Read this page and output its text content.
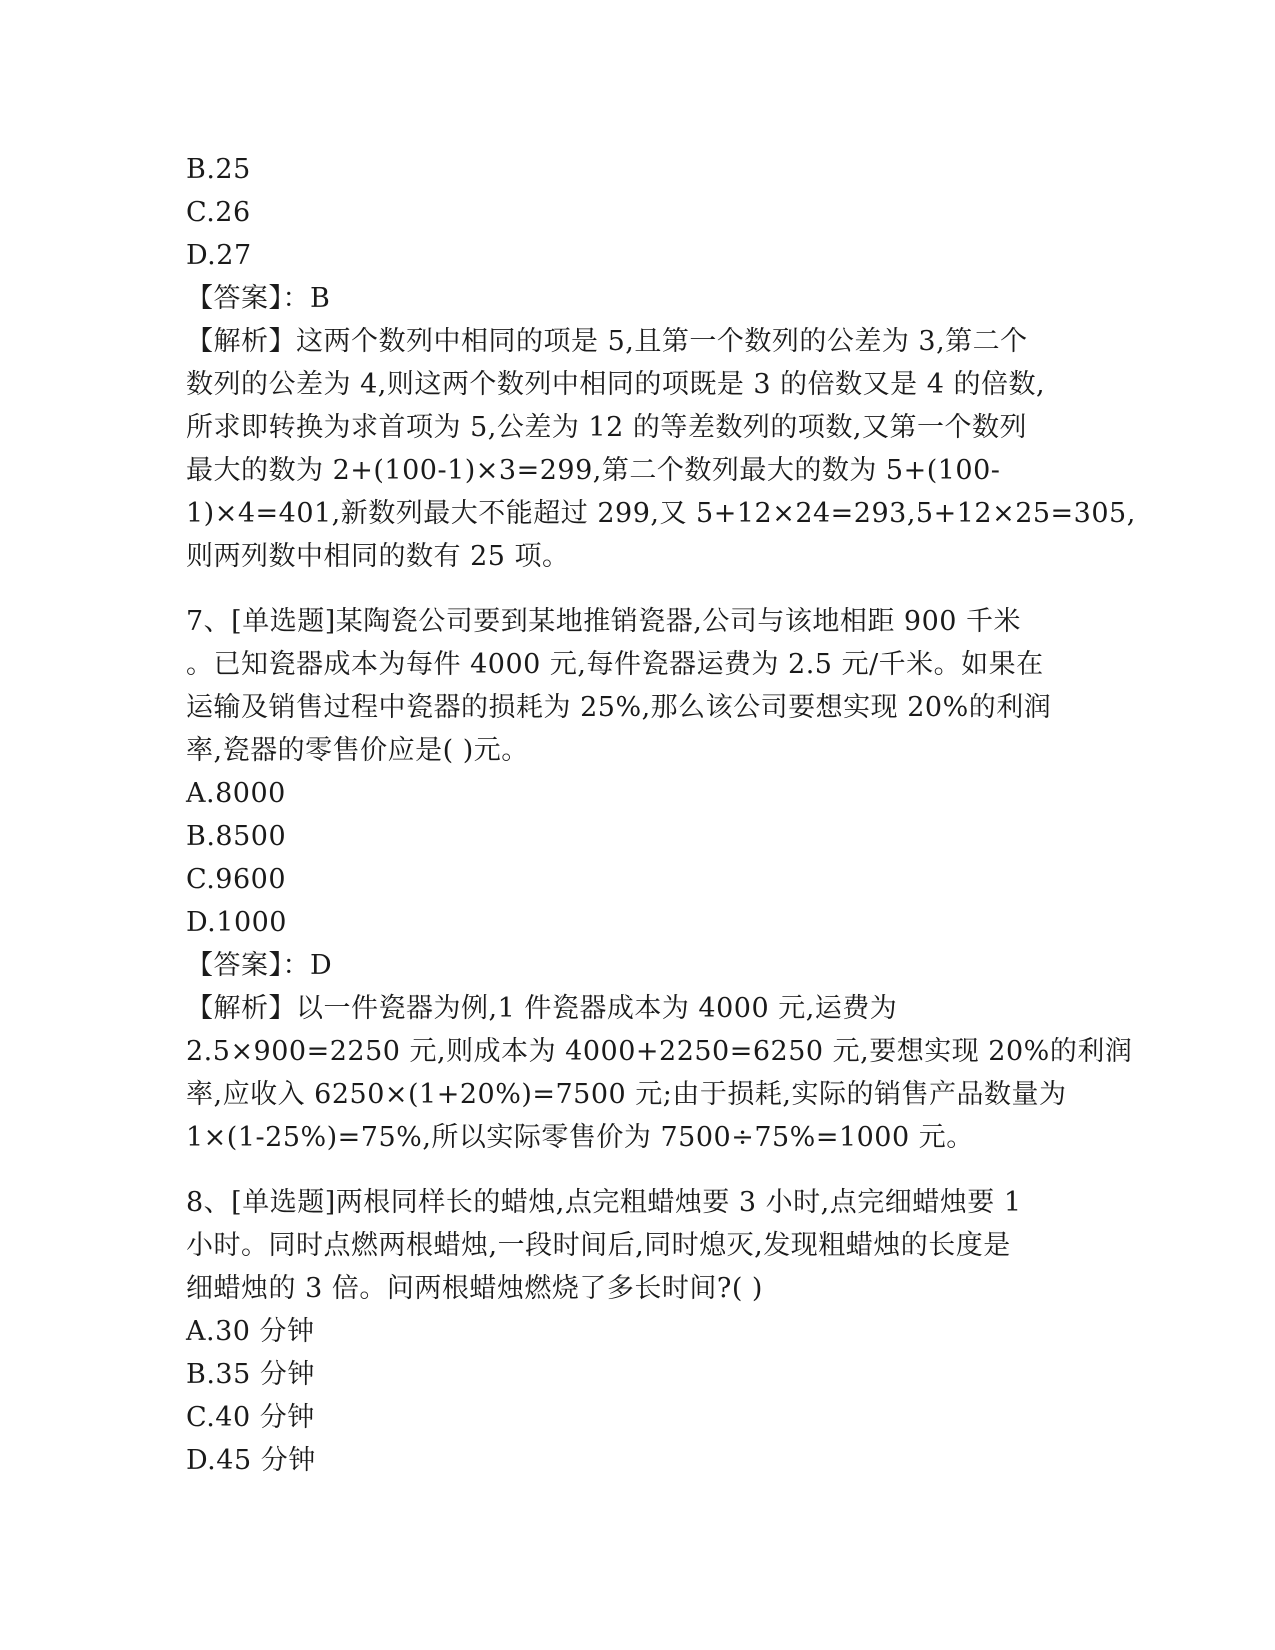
B.25
C.26
D.27
【答案】：B
【解析】这两个数列中相同的项是 5,且第一个数列的公差为 3,第二个
数列的公差为 4,则这两个数列中相同的项既是 3 的倍数又是 4 的倍数,
所求即转换为求首项为 5,公差为 12 的等差数列的项数,又第一个数列
最大的数为 2+(100-1)×3=299,第二个数列最大的数为 5+(100-
1)×4=401,新数列最大不能超过 299,又 5+12×24=293,5+12×25=305,
则两列数中相同的数有 25 项。
7、[单选题]某陶瓷公司要到某地推销瓷器,公司与该地相距 900 千米
。已知瓷器成本为每件 4000 元,每件瓷器运费为 2.5 元/千米。如果在
运输及销售过程中瓷器的损耗为 25%,那么该公司要想实现 20%的利润
率,瓷器的零售价应是( )元。
A.8000
B.8500
C.9600
D.1000
【答案】：D
【解析】以一件瓷器为例,1 件瓷器成本为 4000 元,运费为
2.5×900=2250 元,则成本为 4000+2250=6250 元,要想实现 20%的利润
率,应收入 6250×(1+20%)=7500 元;由于损耗,实际的销售产品数量为
1×(1-25%)=75%,所以实际零售价为 7500÷75%=1000 元。
8、[单选题]两根同样长的蜡烛,点完粗蜡烛要 3 小时,点完细蜡烛要 1
小时。同时点燃两根蜡烛,一段时间后,同时熄灭,发现粗蜡烛的长度是
细蜡烛的 3 倍。问两根蜡烛燃烧了多长时间?( )
A.30 分钟
B.35 分钟
C.40 分钟
D.45 分钟
